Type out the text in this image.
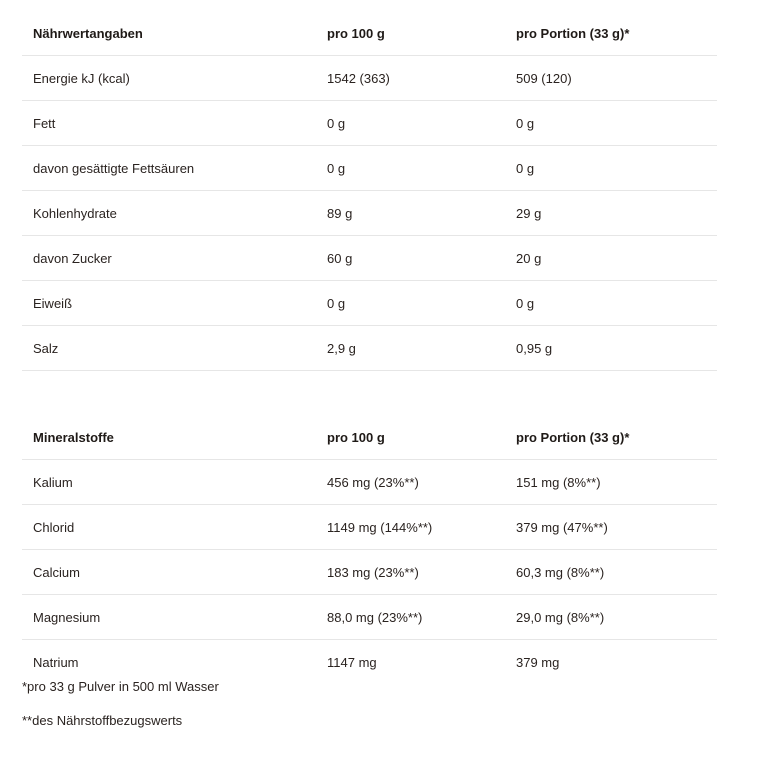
Nährwertangaben	pro 100 g	pro Portion (33 g)*
Energie kJ (kcal)	1542 (363)	509 (120)
Fett	0 g	0 g
davon gesättigte Fettsäuren	0 g	0 g
Kohlenhydrate	89 g	29 g
davon Zucker	60 g	20 g
Eiweiß	0 g	0 g
Salz	2,9 g	0,95 g
Mineralstoffe	pro 100 g	pro Portion (33 g)*
Kalium	456 mg (23%**)	151 mg (8%**)
Chlorid	1149 mg (144%**)	379 mg (47%**)
Calcium	183 mg (23%**)	60,3 mg (8%**)
Magnesium	88,0 mg (23%**)	29,0 mg (8%**)
Natrium	1147 mg	379 mg

*pro 33 g Pulver in 500 ml Wasser

**des Nährstoffbezugswerts
